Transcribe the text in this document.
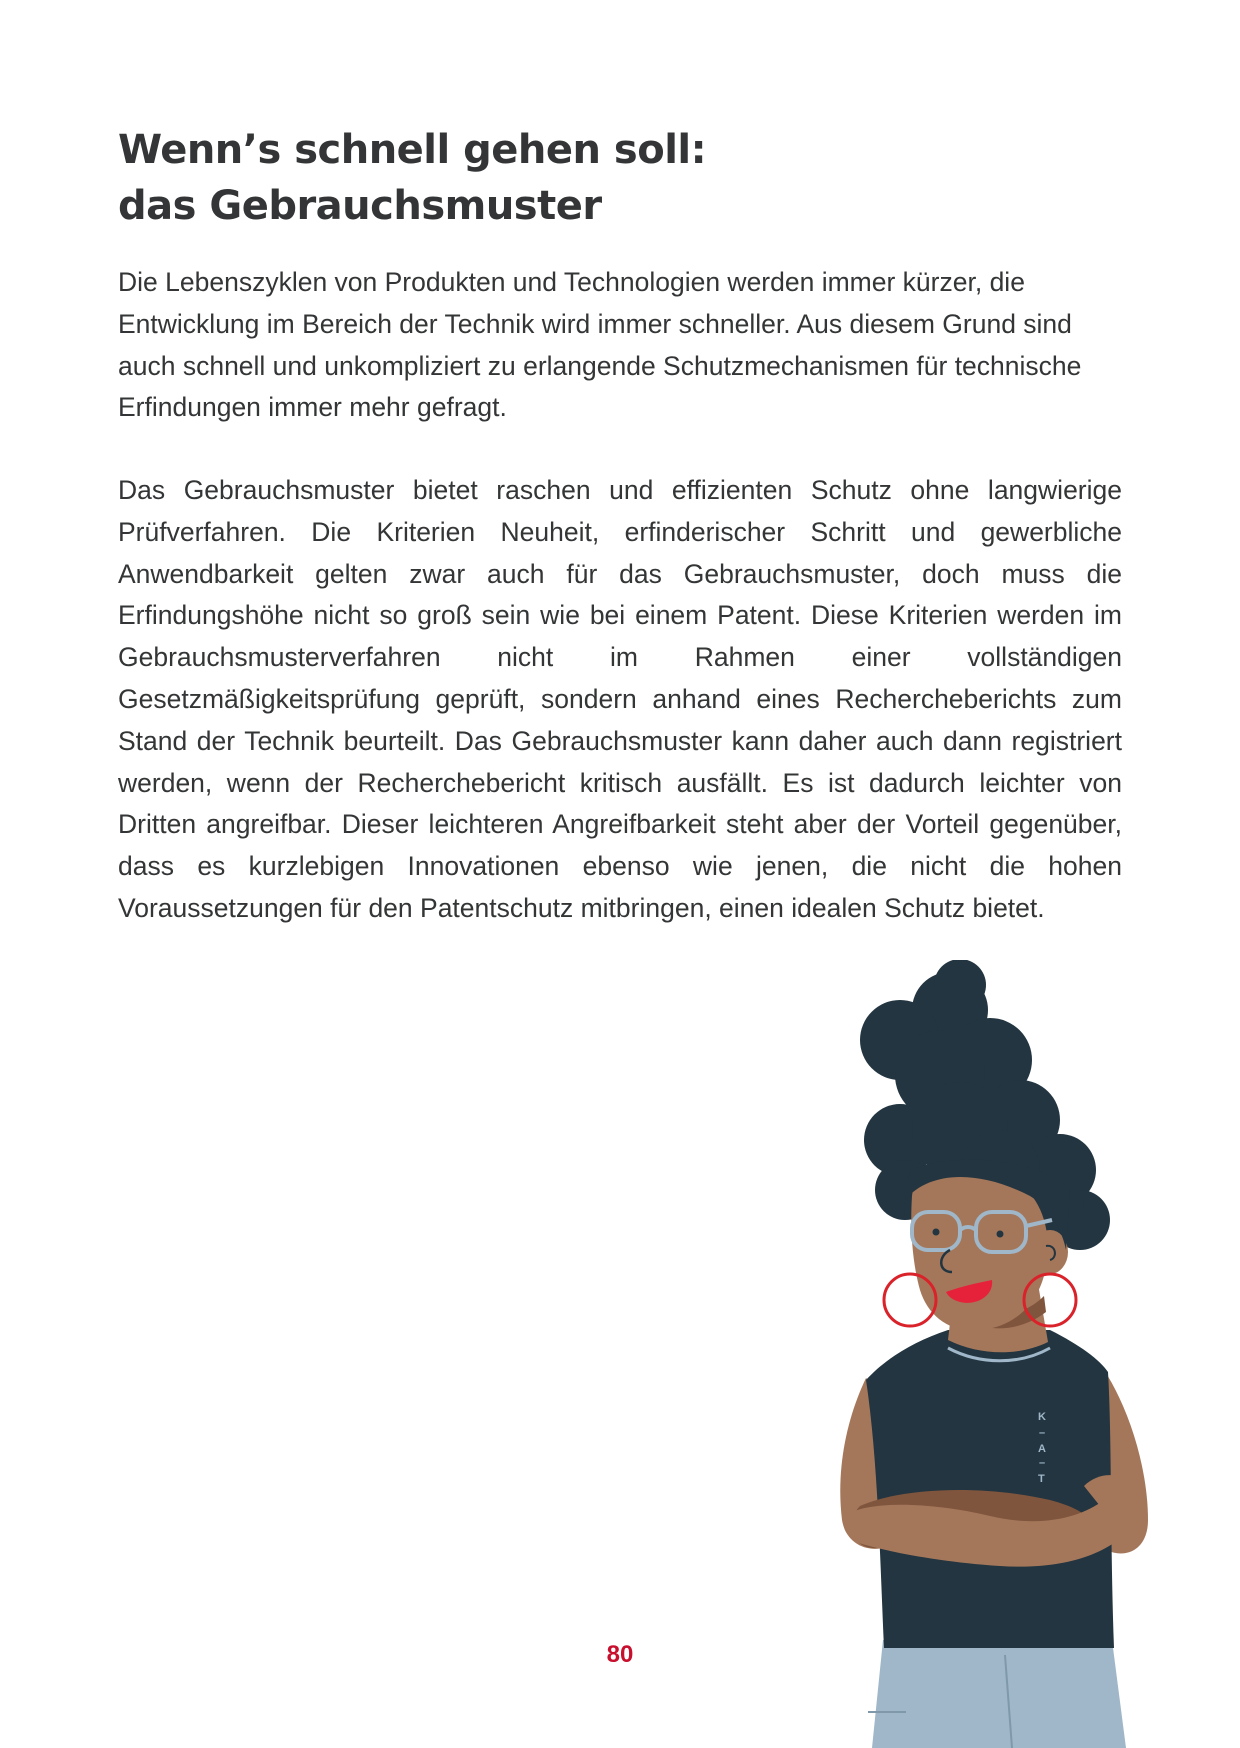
Wenn’s schnell gehen soll:
das Gebrauchsmuster

Die Lebenszyklen von Produkten und Technologien werden immer kürzer, die Entwicklung im Bereich der Technik wird immer schneller. Aus diesem Grund sind auch schnell und unkompliziert zu erlangende Schutzmechanismen für technische Erfindungen immer mehr gefragt.

Das Gebrauchsmuster bietet raschen und effizienten Schutz ohne langwierige Prüfverfahren. Die Kriterien Neuheit, erfinderischer Schritt und gewerbliche Anwendbarkeit gelten zwar auch für das Gebrauchsmuster, doch muss die Erfindungshöhe nicht so groß sein wie bei einem Patent. Diese Kriterien werden im Gebrauchsmusterverfahren nicht im Rahmen einer vollständigen Gesetzmäßigkeitsprüfung geprüft, sondern anhand eines Rechercheberichts zum Stand der Technik beurteilt. Das Gebrauchsmuster kann daher auch dann registriert werden, wenn der Recherchebericht kritisch ausfällt. Es ist dadurch leichter von Dritten angreifbar. Dieser leichteren Angreifbarkeit steht aber der Vorteil gegenüber, dass es kurzlebigen Innovationen ebenso wie jenen, die nicht die hohen Voraussetzungen für den Patentschutz mitbringen, einen idealen Schutz bietet.

K – A – T
80
